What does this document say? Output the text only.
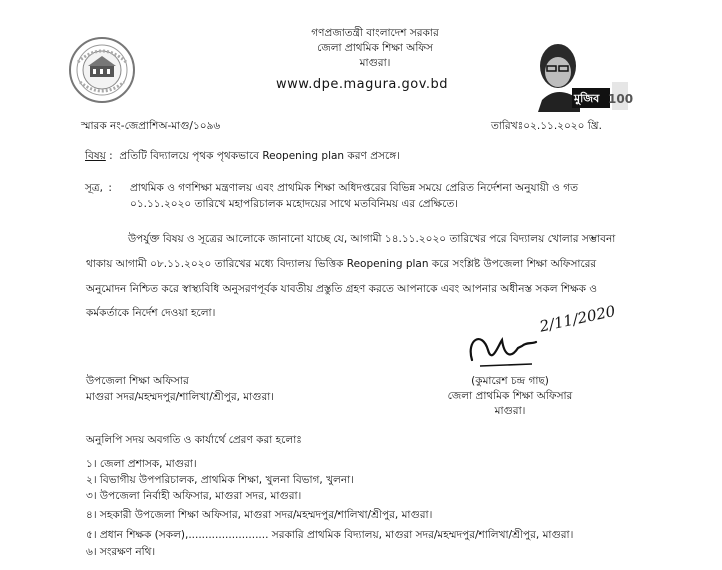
গণপ্রজাতন্ত্রী বাংলাদেশ সরকার
জেলা প্রাথমিক শিক্ষা অফিস
মাগুরা।
www.dpe.magura.gov.bd
মুজিব 100
স্মারক নং-জেপ্রাশিঅ-মাগু/১০৯৬	তারিখঃ০২.১১.২০২০ খ্রি.
বিষয় :  প্রতিটি বিদ্যালয়ে পৃথক পৃথকভাবে Reopening plan করণ প্রসঙ্গে।
সূত্র, : প্রাথমিক ও গণশিক্ষা মন্ত্রণালয় এবং প্রাথমিক শিক্ষা অধিদপ্তরের বিভিন্ন সময়ে প্রেরিত নির্দেশনা অনুযায়ী ও গত
০১.১১.২০২০ তারিখে মহাপরিচালক মহোদয়ের সাথে মতবিনিময় এর প্রেক্ষিতে।
উপর্যুক্ত বিষয় ও সূত্রের আলোকে জানানো যাচ্ছে যে, আগামী ১৪.১১.২০২০ তারিখের পরে বিদ্যালয় খোলার সম্ভাবনা
থাকায় আগামী ০৮.১১.২০২০ তারিখের মধ্যে বিদ্যালয় ভিত্তিক Reopening plan করে সংশ্লিষ্ট উপজেলা শিক্ষা অফিসারের
অনুমোদন নিশ্চিত করে স্বাস্থ্যবিধি অনুসরণপূর্বক যাবতীয় প্রস্তুতি গ্রহণ করতে আপনাকে এবং আপনার অধীনস্ত সকল শিক্ষক ও
কর্মকর্তাকে নির্দেশ দেওয়া হলো।	2/11/2020
উপজেলা শিক্ষা অফিসার
মাগুরা সদর/মহম্মদপুর/শালিখা/শ্রীপুর, মাগুরা।
(কুমারেশ চন্দ্র গাছ)
জেলা প্রাথমিক শিক্ষা অফিসার
মাগুরা।
অনুলিপি সদয় অবগতি ও কার্যার্থে প্রেরণ করা হলোঃ
১। জেলা প্রশাসক, মাগুরা।
২। বিভাগীয় উপপরিচালক, প্রাথমিক শিক্ষা, খুলনা বিভাগ, খুলনা।
৩। উপজেলা নির্বাহী অফিসার, মাগুরা সদর, মাগুরা।
৪। সহকারী উপজেলা শিক্ষা অফিসার, মাগুরা সদর/মহম্মদপুর/শালিখা/শ্রীপুর, মাগুরা।
৫। প্রধান শিক্ষক (সকল),........................ সরকারি প্রাথমিক বিদ্যালয়, মাগুরা সদর/মহম্মদপুর/শালিখা/শ্রীপুর, মাগুরা।
৬। সংরক্ষণ নথি।
